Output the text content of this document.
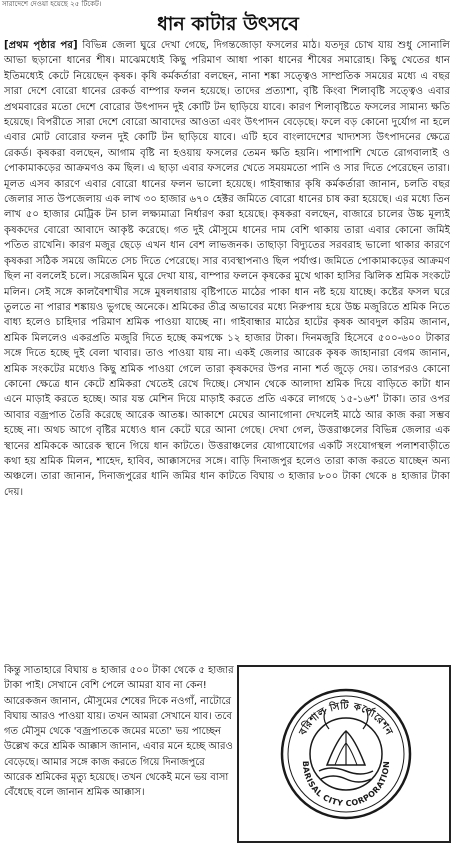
সারাদেশে দেওয়া হয়েছে ২৫ টিকেট।
ধান কাটার উৎসবে
[প্রথম পৃষ্ঠার পর] বিভিন্ন জেলা ঘুরে দেখা গেছে, দিগন্তজোড়া ফসলের মাঠ। যতদূর চোখ যায় শুধু সোনালি আভা ছড়ানো ধানের শীষ। মাঝেমধ্যেই কিছু পরিমাণ আধা পাকা ধানের শীষের সমারোহ। কিছু খেতের ধান ইতিমধ্যেই কেটে নিয়েছেন কৃষক। কৃষি কর্মকর্তারা বলছেন, নানা শঙ্কা সত্ত্বেও সাম্প্রতিক সময়ের মধ্যে এ বছর সারা দেশে বোরো ধানের রেকর্ড বাম্পার ফলন হয়েছে। তাদের প্রত্যাশা, বৃষ্টি কিংবা শিলাবৃষ্টি সত্ত্বেও এবার প্রথমবারের মতো দেশে বোরোর উৎপাদন দুই কোটি টন ছাড়িয়ে যাবে। কারণ শিলাবৃষ্টিতে ফসলের সামান্য ক্ষতি হয়েছে। বিপরীতে সারা দেশে বোরো আবাদের আওতা এবং উৎপাদন বেড়েছে। ফলে বড় কোনো দুর্যোগ না হলে এবার মোট বোরোর ফলন দুই কোটি টন ছাড়িয়ে যাবে। এটি হবে বাংলাদেশের খাদ্যশস্য উৎপাদনের ক্ষেত্রে রেকর্ড। কৃষকরা বলছেন, আগাম বৃষ্টি না হওয়ায় ফসলের তেমন ক্ষতি হয়নি। পাশাপাশি খেতে রোগবালাই ও পোকামাকড়ের আক্রমণও কম ছিল। এ ছাড়া এবার ফসলের খেতে সময়মতো পানি ও সার দিতে পেরেছেন তারা। মূলত এসব কারণে এবার বোরো ধানের ফলন ভালো হয়েছে। গাইবান্ধার কৃষি কর্মকর্তারা জানান, চলতি বছর জেলার সাত উপজেলায় এক লাখ ৩০ হাজার ৬৭০ হেক্টর জমিতে বোরো ধানের চাষ করা হয়েছে। এর মধ্যে তিন লাখ ৫০ হাজার মেট্রিক টন চাল লক্ষ্যমাত্রা নির্ধারণ করা হয়েছে। কৃষকরা বলছেন, বাজারে চালের উচ্চ মূল্যই কৃষকদের বোরো আবাদে আকৃষ্ট করেছে। গত দুই মৌসুমে ধানের দাম বেশি থাকায় তারা এবার কোনো জমিই পতিত রাখেনি। কারণ মজুর ছেড়ে এখন ধান বেশ লাভজনক। তাছাড়া বিদ্যুতের সরবরাহ ভালো থাকার কারণে কৃষকরা সঠিক সময়ে জমিতে সেচ দিতে পেরেছে। সার ব্যবস্থাপনাও ছিল পর্যাপ্ত। জমিতে পোকামাকড়ের আক্রমণ ছিল না বললেই চলে। সরেজমিন ঘুরে দেখা যায়, বাম্পার ফলনে কৃষকের মুখে থাকা হাসির ঝিলিক শ্রমিক সংকটে মলিন। সেই সঙ্গে কালবৈশাখীর সঙ্গে মুষলধারায় বৃষ্টিপাতে মাঠের পাকা ধান নষ্ট হয়ে যাচ্ছে। কষ্টের ফসল ঘরে তুলতে না পারার শঙ্কায়ও ভুগছে অনেকে। শ্রমিকের তীব্র অভাবের মধ্যে নিরুপায় হয়ে উচ্চ মজুরিতে শ্রমিক নিতে বাধ্য হলেও চাহিদার পরিমাণ শ্রমিক পাওয়া যাচ্ছে না। গাইবান্ধার মাঠের হাটের কৃষক আবদুল করিম জানান, শ্রমিক মিললেও একরপ্রতি মজুরি দিতে হচ্ছে কমপক্ষে ১২ হাজার টাকা। দিনমজুরি হিসেবে ৫০০-৬০০ টাকার সঙ্গে দিতে হচ্ছে দুই বেলা খাবার। তাও পাওয়া যায় না। একই জেলার আরেক কৃষক জাহানারা বেগম জানান, শ্রমিক সংকটের মধ্যেও কিছু শ্রমিক পাওয়া গেলে তারা কৃষকদের উপর নানা শর্ত জুড়ে দেয়। তারপরও কোনো কোনো ক্ষেত্রে ধান কেটে শ্রমিকরা খেতেই রেখে দিচ্ছে। সেখান থেকে আলাদা শ্রমিক দিয়ে বাড়িতে কাটা ধান এনে মাড়াই করতে হচ্ছে। আর যন্ত মেশিন দিয়ে মাড়াই করতে প্রতি একরে লাগছে ১৫-১৬শ' টাকা। তার ওপর আবার বজ্রপাত তৈরি করেছে আরেক আতঙ্ক। আকাশে মেঘের আনাগোনা দেখলেই মাঠে আর কাজ করা সম্ভব হচ্ছে না। অথচ আগে বৃষ্টির মধ্যেও ধান কেটে ঘরে আনা গেছে। দেখা গেল, উত্তরাঞ্চলের বিভিন্ন জেলার এক স্থানের শ্রমিককে আরেক স্থানে গিয়ে ধান কাটতে। উত্তরাঞ্চলের যোগাযোগের একটি সংযোগস্থল পলাশবাড়ীতে কথা হয় শ্রমিক মিলন, শাহেদ, হাবিব, আক্কাসদের সঙ্গে। বাড়ি দিনাজপুর হলেও তারা কাজ করতে যাচ্ছেন অন্য অঞ্চলে। তারা জানান, দিনাজপুরের ধানি জমির ধান কাটতে বিঘায় ৩ হাজার ৮০০ টাকা থেকে ৪ হাজার টাকা দেয়।
কিন্তু সাতাহারে বিঘায় ৪ হাজার ৫০০ টাকা থেকে ৫ হাজার টাকা পাই। সেখানে বেশি পেলে আমরা যাব না কেন! আরেকজন জানান, মৌসুমের শেষের দিকে নওগাঁ, নাটোরে বিঘায় আরও পাওয়া যায়। তখন আমরা সেখানে যাব। তবে গত মৌসুম থেকে 'বজ্রপাতকে জমের মতো' ভয় পাচ্ছেন উল্লেখ করে শ্রমিক আক্কাস জানান, এবার মনে হচ্ছে আরও বেড়েছে। আমার সঙ্গে কাজ করতে গিয়ে দিনাজপুরে আরেক শ্রমিকের মৃত্যু হয়েছে। তখন থেকেই মনে ভয় বাসা বেঁধেছে বলে জানান শ্রমিক আক্কাস।
বরিশাল সিটি কর্পোরেশন
BARISAL CITY CORPORATION
